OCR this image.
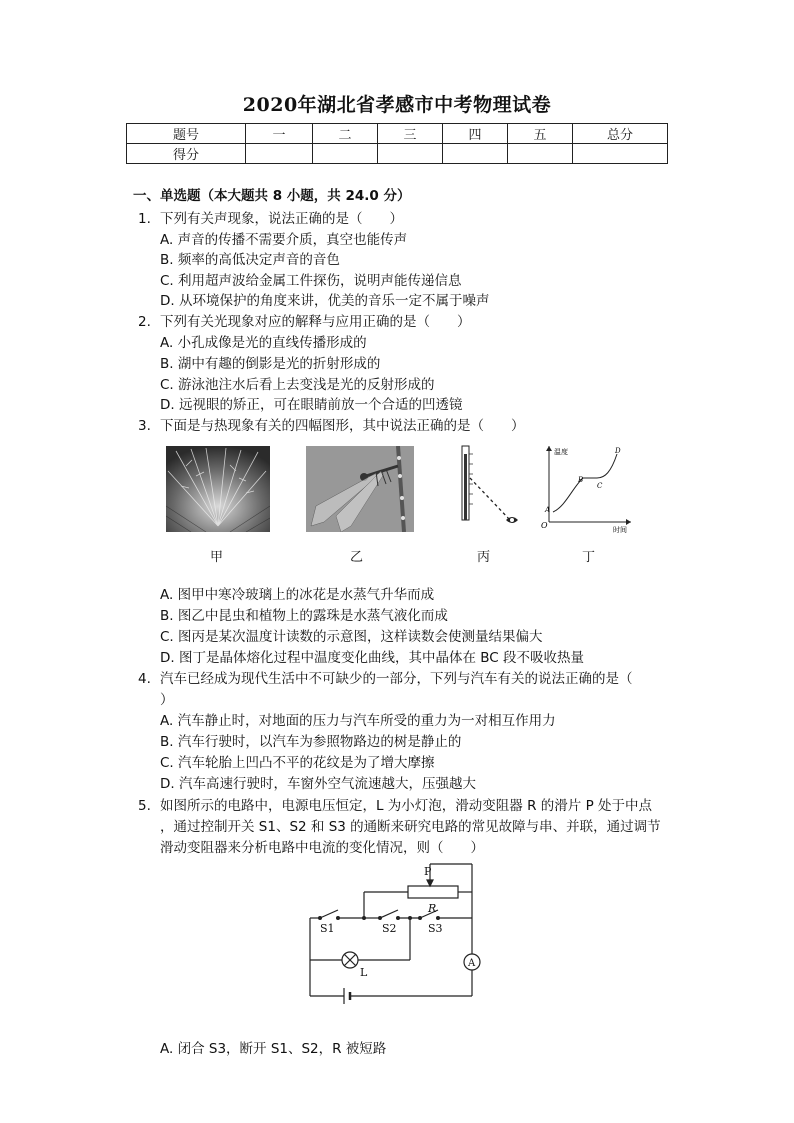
2020年湖北省孝感市中考物理试卷
题号	一	二	三	四	五	总分
得分						
一、单选题（本大题共 8 小题，共 24.0 分）
1. 下列有关声现象，说法正确的是（　　）
A. 声音的传播不需要介质，真空也能传声
B. 频率的高低决定声音的音色
C. 利用超声波给金属工件探伤，说明声能传递信息
D. 从环境保护的角度来讲，优美的音乐一定不属于噪声
2. 下列有关光现象对应的解释与应用正确的是（　　）
A. 小孔成像是光的直线传播形成的
B. 湖中有趣的倒影是光的折射形成的
C. 游泳池注水后看上去变浅是光的反射形成的
D. 远视眼的矫正，可在眼睛前放一个合适的凹透镜
3. 下面是与热现象有关的四幅图形，其中说法正确的是（　　）
甲	乙	丙
温度
时间
O
A
B
C
D
丁
A. 图甲中寒冷玻璃上的冰花是水蒸气升华而成
B. 图乙中昆虫和植物上的露珠是水蒸气液化而成
C. 图丙是某次温度计读数的示意图，这样读数会使测量结果偏大
D. 图丁是晶体熔化过程中温度变化曲线，其中晶体在 BC 段不吸收热量
4. 汽车已经成为现代生活中不可缺少的一部分，下列与汽车有关的说法正确的是（
）
A. 汽车静止时，对地面的压力与汽车所受的重力为一对相互作用力
B. 汽车行驶时，以汽车为参照物路边的树是静止的
C. 汽车轮胎上凹凸不平的花纹是为了增大摩擦
D. 汽车高速行驶时，车窗外空气流速越大，压强越大
5. 如图所示的电路中，电源电压恒定，L 为小灯泡，滑动变阻器 R 的滑片 P 处于中点
，通过控制开关 S1、S2 和 S3 的通断来研究电路的常见故障与串、并联，通过调节
滑动变阻器来分析电路中电流的变化情况，则（　　）
P
R
S1	S2	S3
L
A
A. 闭合 S3，断开 S1、S2，R 被短路
